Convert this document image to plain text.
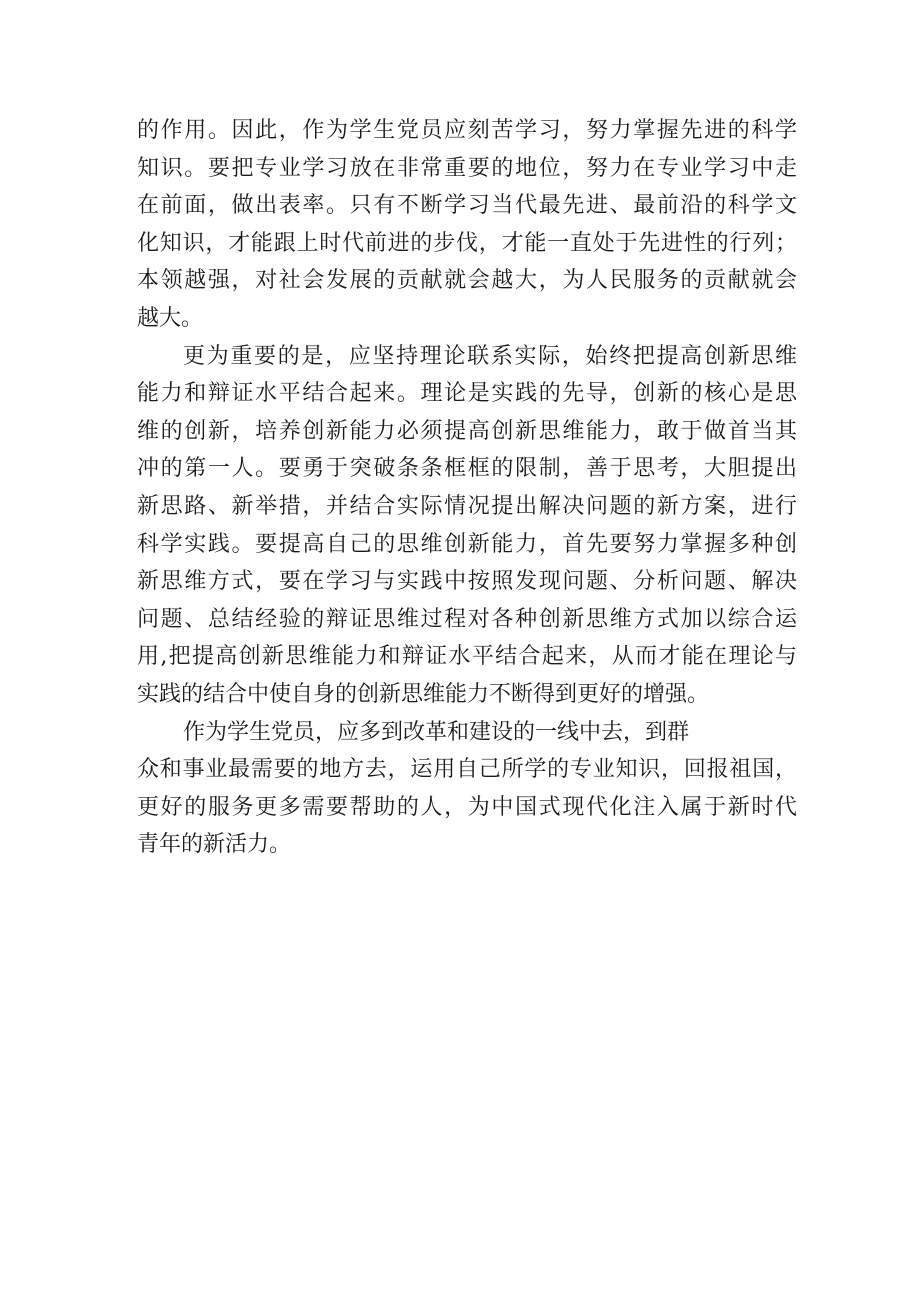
的作用。因此，作为学生党员应刻苦学习，努力掌握先进的科学
知识。要把专业学习放在非常重要的地位，努力在专业学习中走
在前面，做出表率。只有不断学习当代最先进、最前沿的科学文
化知识，才能跟上时代前进的步伐，才能一直处于先进性的行列；
本领越强，对社会发展的贡献就会越大，为人民服务的贡献就会
越大。
更为重要的是，应坚持理论联系实际，始终把提高创新思维
能力和辩证水平结合起来。理论是实践的先导，创新的核心是思
维的创新，培养创新能力必须提高创新思维能力，敢于做首当其
冲的第一人。要勇于突破条条框框的限制，善于思考，大胆提出
新思路、新举措，并结合实际情况提出解决问题的新方案，进行
科学实践。要提高自己的思维创新能力，首先要努力掌握多种创
新思维方式，要在学习与实践中按照发现问题、分析问题、解决
问题、总结经验的辩证思维过程对各种创新思维方式加以综合运
用,把提高创新思维能力和辩证水平结合起来，从而才能在理论与
实践的结合中使自身的创新思维能力不断得到更好的增强。
作为学生党员，应多到改革和建设的一线中去，到群
众和事业最需要的地方去，运用自己所学的专业知识，回报祖国，
更好的服务更多需要帮助的人，为中国式现代化注入属于新时代
青年的新活力。
